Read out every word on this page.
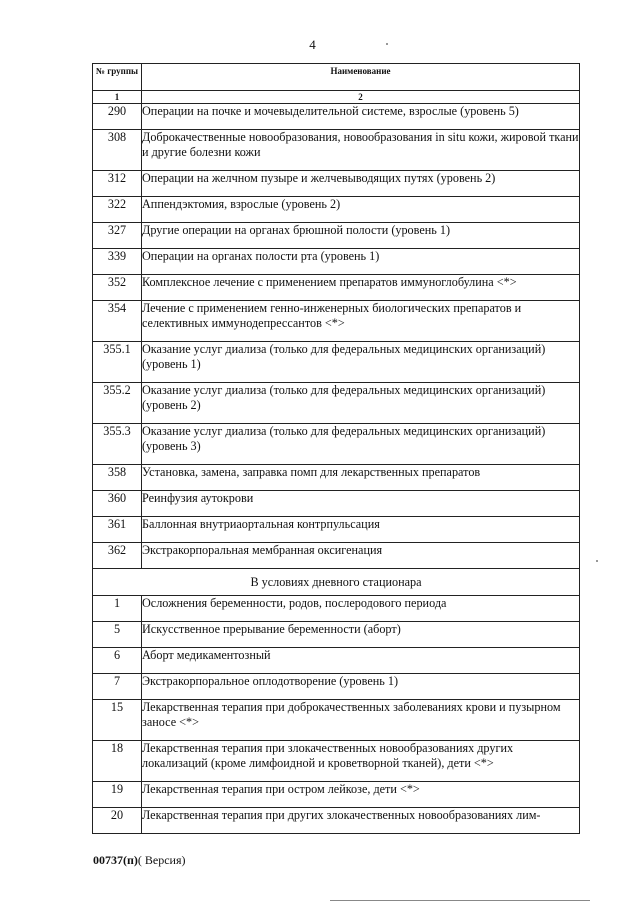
4
№ группы	Наименование
1	2
290	Операции на почке и мочевыделительной системе, взрослые (уровень 5)
308	Доброкачественные новообразования, новообразования in situ кожи, жировой ткани и другие болезни кожи
312	Операции на желчном пузыре и желчевыводящих путях (уровень 2)
322	Аппендэктомия, взрослые (уровень 2)
327	Другие операции на органах брюшной полости (уровень 1)
339	Операции на органах полости рта (уровень 1)
352	Комплексное лечение с применением препаратов иммуноглобулина <*>
354	Лечение с применением генно-инженерных биологических препаратов и селективных иммунодепрессантов <*>
355.1	Оказание услуг диализа (только для федеральных медицинских организаций) (уровень 1)
355.2	Оказание услуг диализа (только для федеральных медицинских организаций) (уровень 2)
355.3	Оказание услуг диализа (только для федеральных медицинских организаций) (уровень 3)
358	Установка, замена, заправка помп для лекарственных препаратов
360	Реинфузия аутокрови
361	Баллонная внутриаортальная контрпульсация
362	Экстракорпоральная мембранная оксигенация
В условиях дневного стационара	
1	Осложнения беременности, родов, послеродового периода
5	Искусственное прерывание беременности (аборт)
6	Аборт медикаментозный
7	Экстракорпоральное оплодотворение (уровень 1)
15	Лекарственная терапия при доброкачественных заболеваниях крови и пузырном заносе <*>
18	Лекарственная терапия при злокачественных новообразованиях других локализаций (кроме лимфоидной и кроветворной тканей), дети <*>
19	Лекарственная терапия при остром лейкозе, дети <*>
20	Лекарственная терапия при других злокачественных новообразованиях лим-
00737(п)( Версия)
